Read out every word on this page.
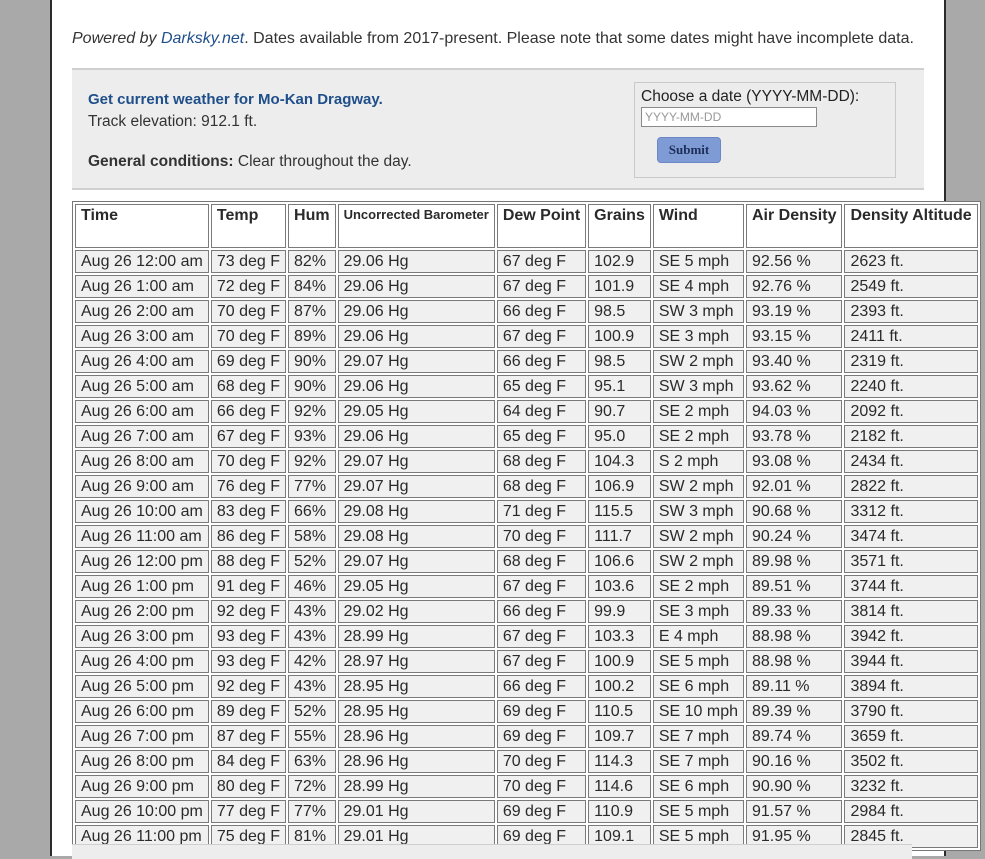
Powered by Darksky.net. Dates available from 2017-present. Please note that some dates might have incomplete data.
Get current weather for Mo-Kan Dragway.
Track elevation: 912.1 ft.
General conditions: Clear throughout the day.
Choose a date (YYYY-MM-DD):
YYYY-MM-DD
Submit
Time	Temp	Hum	Uncorrected Barometer	Dew Point	Grains	Wind	Air Density	Density Altitude
Aug 26 12:00 am	73 deg F	82%	29.06 Hg	67 deg F	102.9	SE 5 mph	92.56 %	2623 ft.
Aug 26 1:00 am	72 deg F	84%	29.06 Hg	67 deg F	101.9	SE 4 mph	92.76 %	2549 ft.
Aug 26 2:00 am	70 deg F	87%	29.06 Hg	66 deg F	98.5	SW 3 mph	93.19 %	2393 ft.
Aug 26 3:00 am	70 deg F	89%	29.06 Hg	67 deg F	100.9	SE 3 mph	93.15 %	2411 ft.
Aug 26 4:00 am	69 deg F	90%	29.07 Hg	66 deg F	98.5	SW 2 mph	93.40 %	2319 ft.
Aug 26 5:00 am	68 deg F	90%	29.06 Hg	65 deg F	95.1	SW 3 mph	93.62 %	2240 ft.
Aug 26 6:00 am	66 deg F	92%	29.05 Hg	64 deg F	90.7	SE 2 mph	94.03 %	2092 ft.
Aug 26 7:00 am	67 deg F	93%	29.06 Hg	65 deg F	95.0	SE 2 mph	93.78 %	2182 ft.
Aug 26 8:00 am	70 deg F	92%	29.07 Hg	68 deg F	104.3	S 2 mph	93.08 %	2434 ft.
Aug 26 9:00 am	76 deg F	77%	29.07 Hg	68 deg F	106.9	SW 2 mph	92.01 %	2822 ft.
Aug 26 10:00 am	83 deg F	66%	29.08 Hg	71 deg F	115.5	SW 3 mph	90.68 %	3312 ft.
Aug 26 11:00 am	86 deg F	58%	29.08 Hg	70 deg F	111.7	SW 2 mph	90.24 %	3474 ft.
Aug 26 12:00 pm	88 deg F	52%	29.07 Hg	68 deg F	106.6	SW 2 mph	89.98 %	3571 ft.
Aug 26 1:00 pm	91 deg F	46%	29.05 Hg	67 deg F	103.6	SE 2 mph	89.51 %	3744 ft.
Aug 26 2:00 pm	92 deg F	43%	29.02 Hg	66 deg F	99.9	SE 3 mph	89.33 %	3814 ft.
Aug 26 3:00 pm	93 deg F	43%	28.99 Hg	67 deg F	103.3	E 4 mph	88.98 %	3942 ft.
Aug 26 4:00 pm	93 deg F	42%	28.97 Hg	67 deg F	100.9	SE 5 mph	88.98 %	3944 ft.
Aug 26 5:00 pm	92 deg F	43%	28.95 Hg	66 deg F	100.2	SE 6 mph	89.11 %	3894 ft.
Aug 26 6:00 pm	89 deg F	52%	28.95 Hg	69 deg F	110.5	SE 10 mph	89.39 %	3790 ft.
Aug 26 7:00 pm	87 deg F	55%	28.96 Hg	69 deg F	109.7	SE 7 mph	89.74 %	3659 ft.
Aug 26 8:00 pm	84 deg F	63%	28.96 Hg	70 deg F	114.3	SE 7 mph	90.16 %	3502 ft.
Aug 26 9:00 pm	80 deg F	72%	28.99 Hg	70 deg F	114.6	SE 6 mph	90.90 %	3232 ft.
Aug 26 10:00 pm	77 deg F	77%	29.01 Hg	69 deg F	110.9	SE 5 mph	91.57 %	2984 ft.
Aug 26 11:00 pm	75 deg F	81%	29.01 Hg	69 deg F	109.1	SE 5 mph	91.95 %	2845 ft.
